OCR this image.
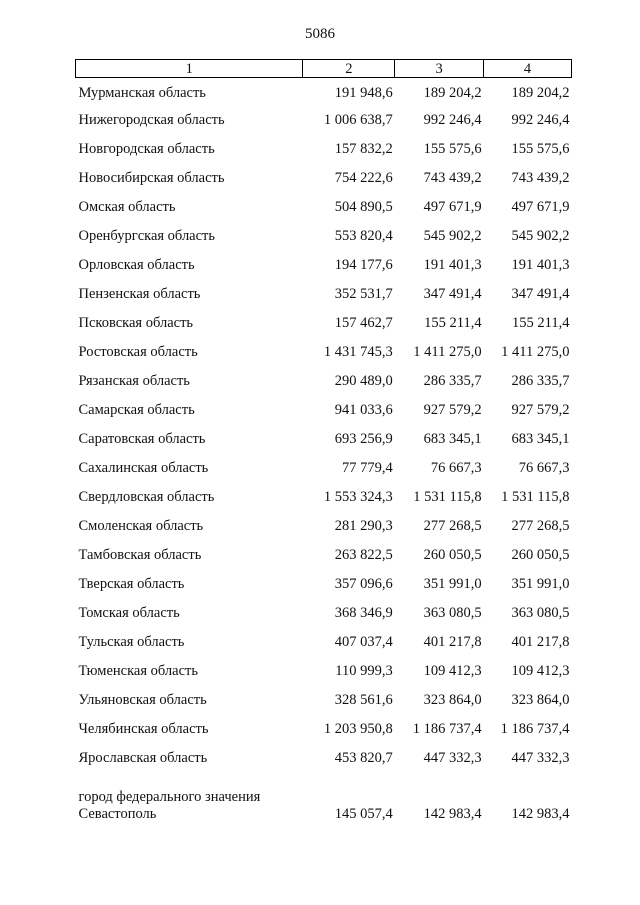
5086
1	2	3	4
Мурманская область	191 948,6	189 204,2	189 204,2
Нижегородская область	1 006 638,7	992 246,4	992 246,4
Новгородская область	157 832,2	155 575,6	155 575,6
Новосибирская область	754 222,6	743 439,2	743 439,2
Омская область	504 890,5	497 671,9	497 671,9
Оренбургская область	553 820,4	545 902,2	545 902,2
Орловская область	194 177,6	191 401,3	191 401,3
Пензенская область	352 531,7	347 491,4	347 491,4
Псковская область	157 462,7	155 211,4	155 211,4
Ростовская область	1 431 745,3	1 411 275,0	1 411 275,0
Рязанская область	290 489,0	286 335,7	286 335,7
Самарская область	941 033,6	927 579,2	927 579,2
Саратовская область	693 256,9	683 345,1	683 345,1
Сахалинская область	77 779,4	76 667,3	76 667,3
Свердловская область	1 553 324,3	1 531 115,8	1 531 115,8
Смоленская область	281 290,3	277 268,5	277 268,5
Тамбовская область	263 822,5	260 050,5	260 050,5
Тверская область	357 096,6	351 991,0	351 991,0
Томская область	368 346,9	363 080,5	363 080,5
Тульская область	407 037,4	401 217,8	401 217,8
Тюменская область	110 999,3	109 412,3	109 412,3
Ульяновская область	328 561,6	323 864,0	323 864,0
Челябинская область	1 203 950,8	1 186 737,4	1 186 737,4
Ярославская область	453 820,7	447 332,3	447 332,3

город федерального значения
Севастополь	145 057,4	142 983,4	142 983,4
